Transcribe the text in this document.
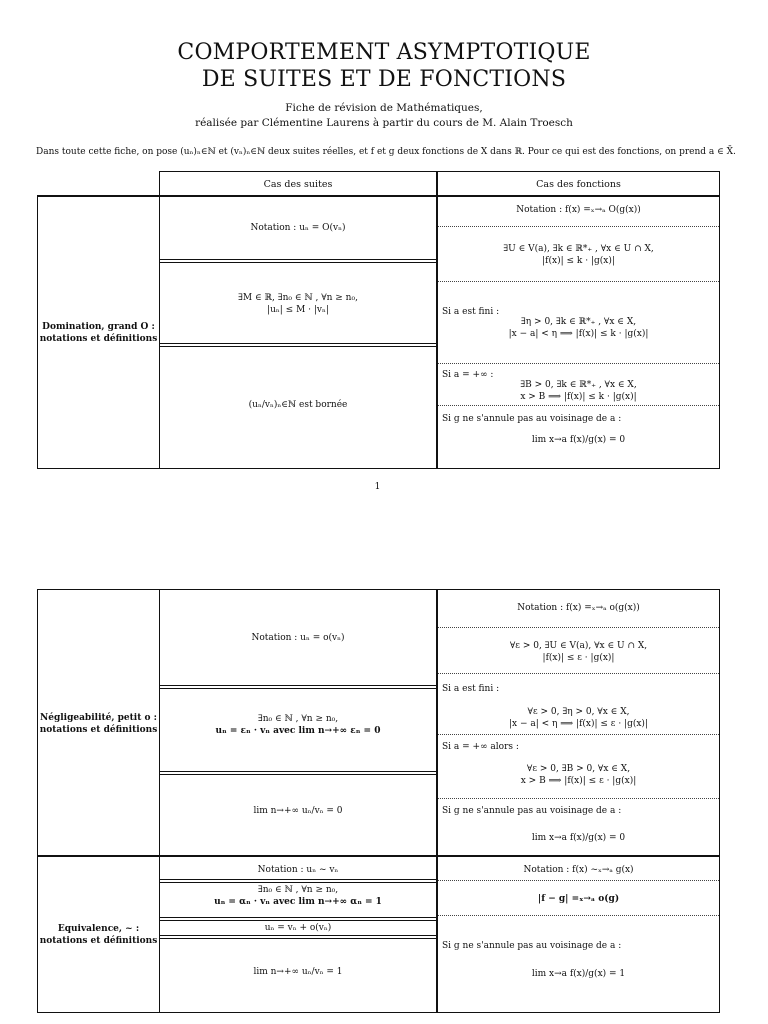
COMPORTEMENT ASYMPTOTIQUE
DE SUITES ET DE FONCTIONS
Fiche de révision de Mathématiques,
réalisée par Clémentine Laurens à partir du cours de M. Alain Troesch
Dans toute cette fiche, on pose (uₙ)ₙ∈ℕ et (vₙ)ₙ∈ℕ deux suites réelles, et f et g deux fonctions de X dans ℝ. Pour ce qui est des fonctions, on prend a ∈ X̄.
Cas des suites	Cas des fonctions
Domination, grand O :
notations et définitions
Notation : uₙ = O(vₙ)
∃M ∈ ℝ, ∃n₀ ∈ ℕ , ∀n ≥ n₀,
|uₙ| ≤ M · |vₙ|
(uₙ/vₙ)ₙ∈ℕ est bornée
Notation : f(x) =ₓ→ₐ O(g(x))
∃U ∈ V(a), ∃k ∈ ℝ*₊ , ∀x ∈ U ∩ X,
|f(x)| ≤ k · |g(x)|
Si a est fini :
∃η > 0, ∃k ∈ ℝ*₊ , ∀x ∈ X,
|x − a| < η ⟹ |f(x)| ≤ k · |g(x)|
Si a = +∞ :
∃B > 0, ∃k ∈ ℝ*₊ , ∀x ∈ X,
x > B ⟹ |f(x)| ≤ k · |g(x)|
Si g ne s'annule pas au voisinage de a :
lim x→a f(x)/g(x) = 0
1
Négligeabilité, petit o :
notations et définitions
Notation : uₙ = o(vₙ)
∃n₀ ∈ ℕ , ∀n ≥ n₀,
uₙ = εₙ · vₙ avec lim n→+∞ εₙ = 0
lim n→+∞ uₙ/vₙ = 0
Notation : f(x) =ₓ→ₐ o(g(x))
∀ε > 0, ∃U ∈ V(a), ∀x ∈ U ∩ X,
|f(x)| ≤ ε · |g(x)|
Si a est fini :
∀ε > 0, ∃η > 0, ∀x ∈ X,
|x − a| < η ⟹ |f(x)| ≤ ε · |g(x)|
Si a = +∞ alors :
∀ε > 0, ∃B > 0, ∀x ∈ X,
x > B ⟹ |f(x)| ≤ ε · |g(x)|
Si g ne s'annule pas au voisinage de a :
lim x→a f(x)/g(x) = 0
Equivalence, ~ :
notations et définitions
Notation : uₙ ~ vₙ
∃n₀ ∈ ℕ , ∀n ≥ n₀,
uₙ = αₙ · vₙ avec lim n→+∞ αₙ = 1
uₙ = vₙ + o(vₙ)
lim n→+∞ uₙ/vₙ = 1
Notation : f(x) ~ₓ→ₐ g(x)
|f − g| =ₓ→ₐ o(g)
Si g ne s'annule pas au voisinage de a :
lim x→a f(x)/g(x) = 1
